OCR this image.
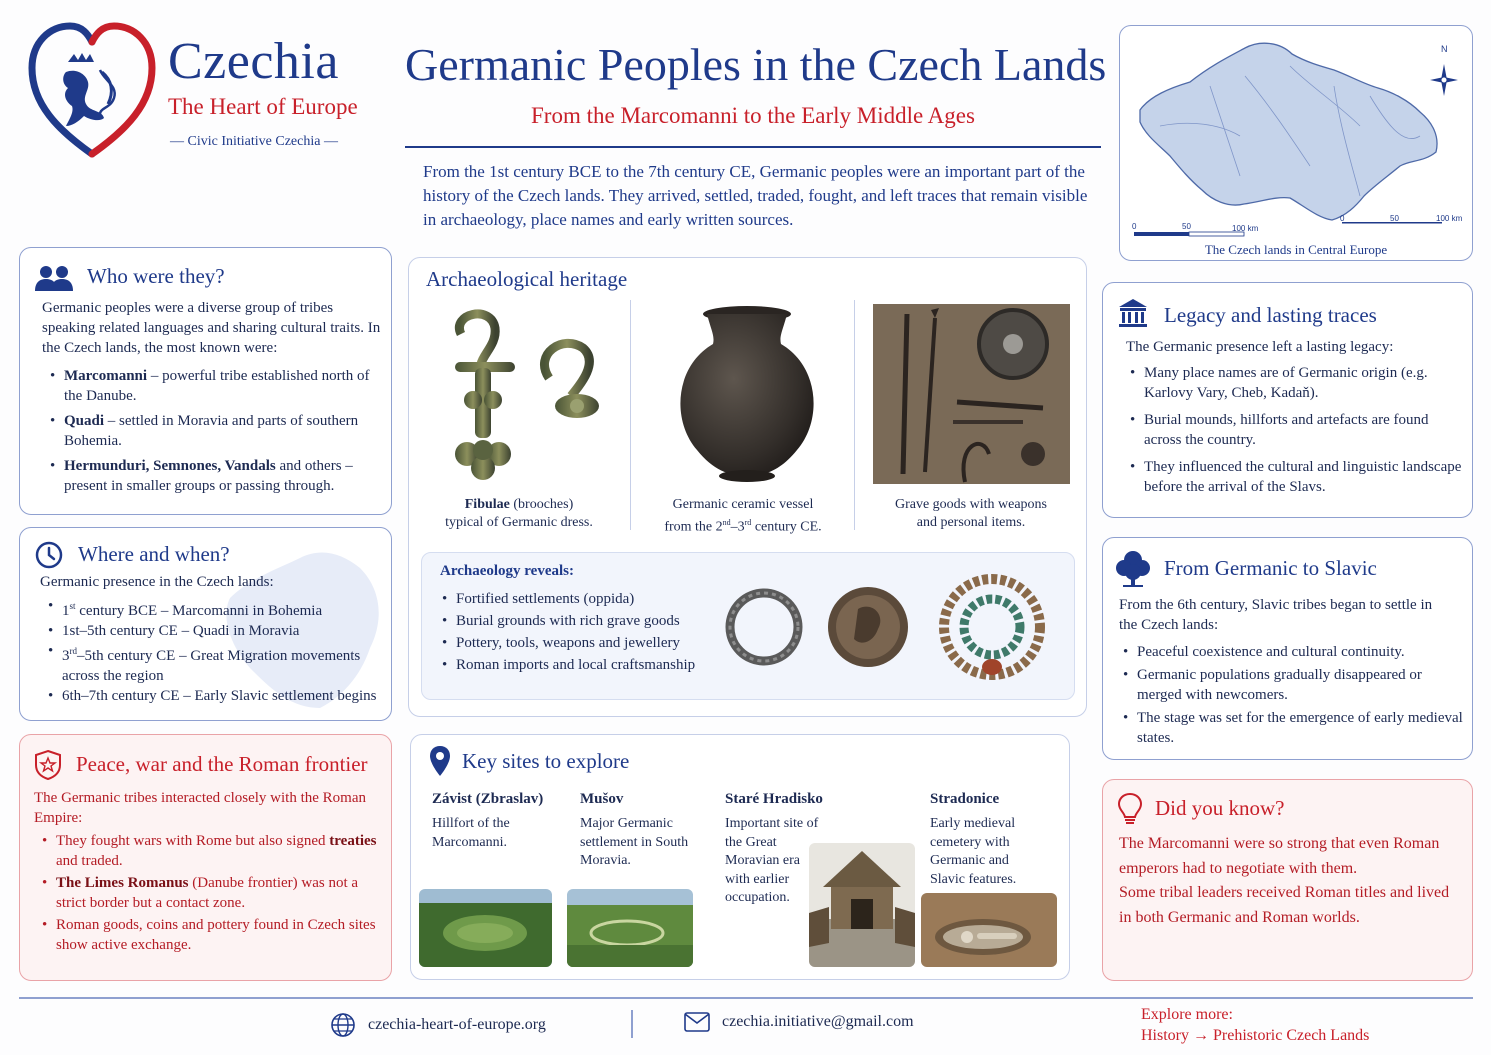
Czechia
The Heart of Europe
— Civic Initiative Czechia —
Germanic Peoples in the Czech Lands
From the Marcomanni to the Early Middle Ages
From the 1st century BCE to the 7th century CE, Germanic peoples were an important part of the history of the Czech lands. They arrived, settled, traded, fought, and left traces that remain visible in archaeology, place names and early written sources.
N
0	50	100 km
0	50	100 km
The Czech lands in Central Europe
Who were they?

Germanic peoples were a diverse group of tribes speaking related languages and sharing cultural traits. In the Czech lands, the most known were:

• Marcomanni – powerful tribe established north of the Danube.
• Quadi – settled in Moravia and parts of southern Bohemia.
• Hermunduri, Semnones, Vandals and others – present in smaller groups or passing through.
Where and when?

Germanic presence in the Czech lands:

• 1st century BCE – Marcomanni in Bohemia
• 1st–5th century CE – Quadi in Moravia
• 3rd–5th century CE – Great Migration movements across the region
• 6th–7th century CE – Early Slavic settlement begins
Peace, war and the Roman frontier

The Germanic tribes interacted closely with the Roman Empire:

• They fought wars with Rome but also signed treaties and traded.
• The Limes Romanus (Danube frontier) was not a strict border but a contact zone.
• Roman goods, coins and pottery found in Czech sites show active exchange.
Archaeological heritage
Fibulae (brooches)
typical of Germanic dress.
Germanic ceramic vessel
from the 2nd–3rd century CE.
Grave goods with weapons
and personal items.
Archaeology reveals:
• Fortified settlements (oppida)
• Burial grounds with rich grave goods
• Pottery, tools, weapons and jewellery
• Roman imports and local craftsmanship
Key sites to explore
Závist (Zbraslav)
Hillfort of the Marcomanni.
Mušov
Major Germanic settlement in South Moravia.
Staré Hradisko
Important site of the Great Moravian era with earlier occupation.
Stradonice
Early medieval cemetery with Germanic and Slavic features.
Legacy and lasting traces

The Germanic presence left a lasting legacy:

• Many place names are of Germanic origin (e.g. Karlovy Vary, Cheb, Kadaň).
• Burial mounds, hillforts and artefacts are found across the country.
• They influenced the cultural and linguistic landscape before the arrival of the Slavs.
From Germanic to Slavic

From the 6th century, Slavic tribes began to settle in the Czech lands:

• Peaceful coexistence and cultural continuity.
• Germanic populations gradually disappeared or merged with newcomers.
• The stage was set for the emergence of early medieval states.
Did you know?

The Marcomanni were so strong that even Roman emperors had to negotiate with them.
Some tribal leaders received Roman titles and lived in both Germanic and Roman worlds.

czechia-heart-of-europe.org	czechia.initiative@gmail.com	Explore more:
History → Prehistoric Czech Lands
